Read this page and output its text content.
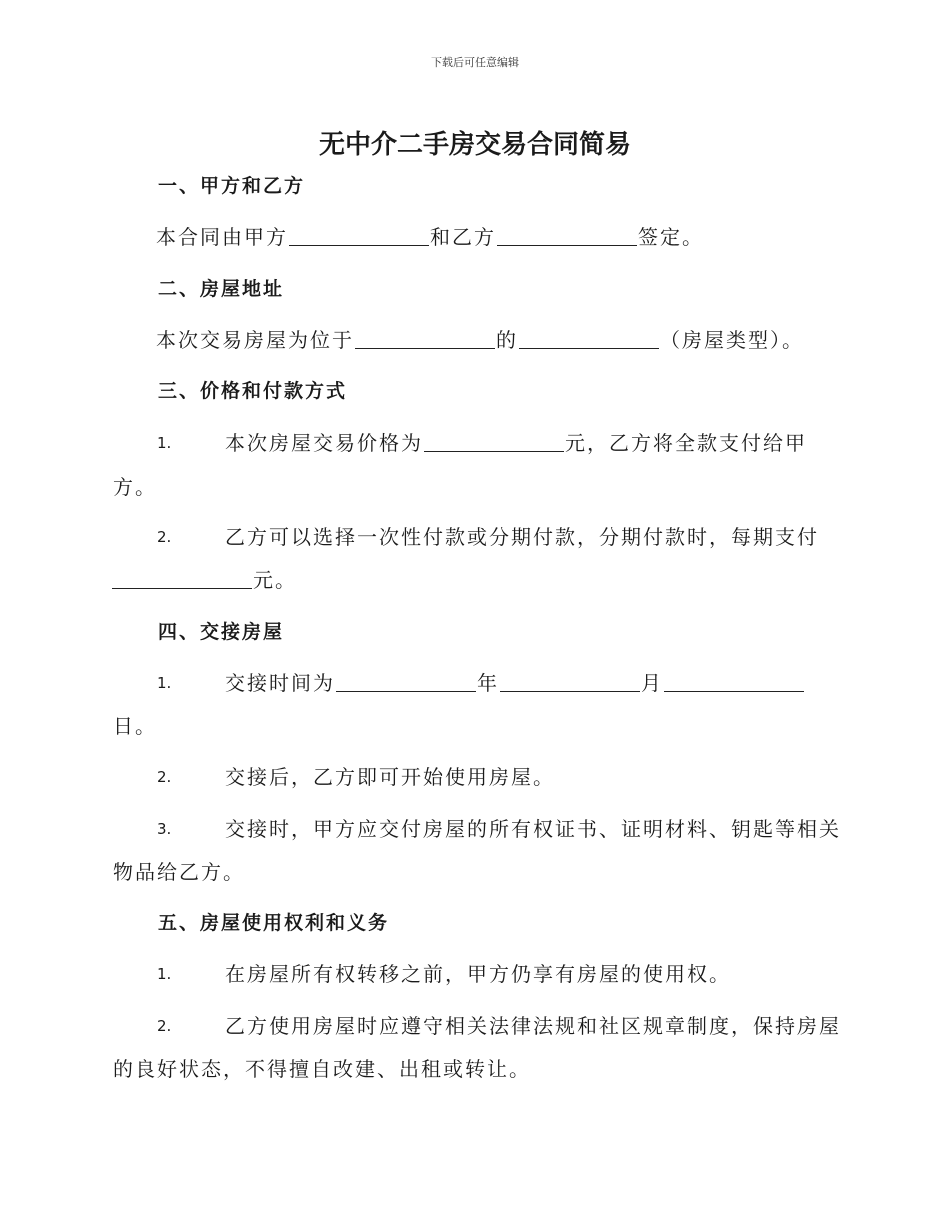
下载后可任意编辑
无中介二手房交易合同简易
一、甲方和乙方
本合同由甲方	和乙方	签定。
二、房屋地址
本次交易房屋为位于	的	（房屋类型）。
三、价格和付款方式
1.	本次房屋交易价格为	元，乙方将全款支付给甲
方。
2.	乙方可以选择一次性付款或分期付款，分期付款时，每期支付
元。
四、交接房屋
1.	交接时间为	年	月
日。
2.	交接后，乙方即可开始使用房屋。
3.	交接时，甲方应交付房屋的所有权证书、证明材料、钥匙等相关
物品给乙方。
五、房屋使用权利和义务
1.	在房屋所有权转移之前，甲方仍享有房屋的使用权。
2.	乙方使用房屋时应遵守相关法律法规和社区规章制度，保持房屋
的良好状态，不得擅自改建、出租或转让。
